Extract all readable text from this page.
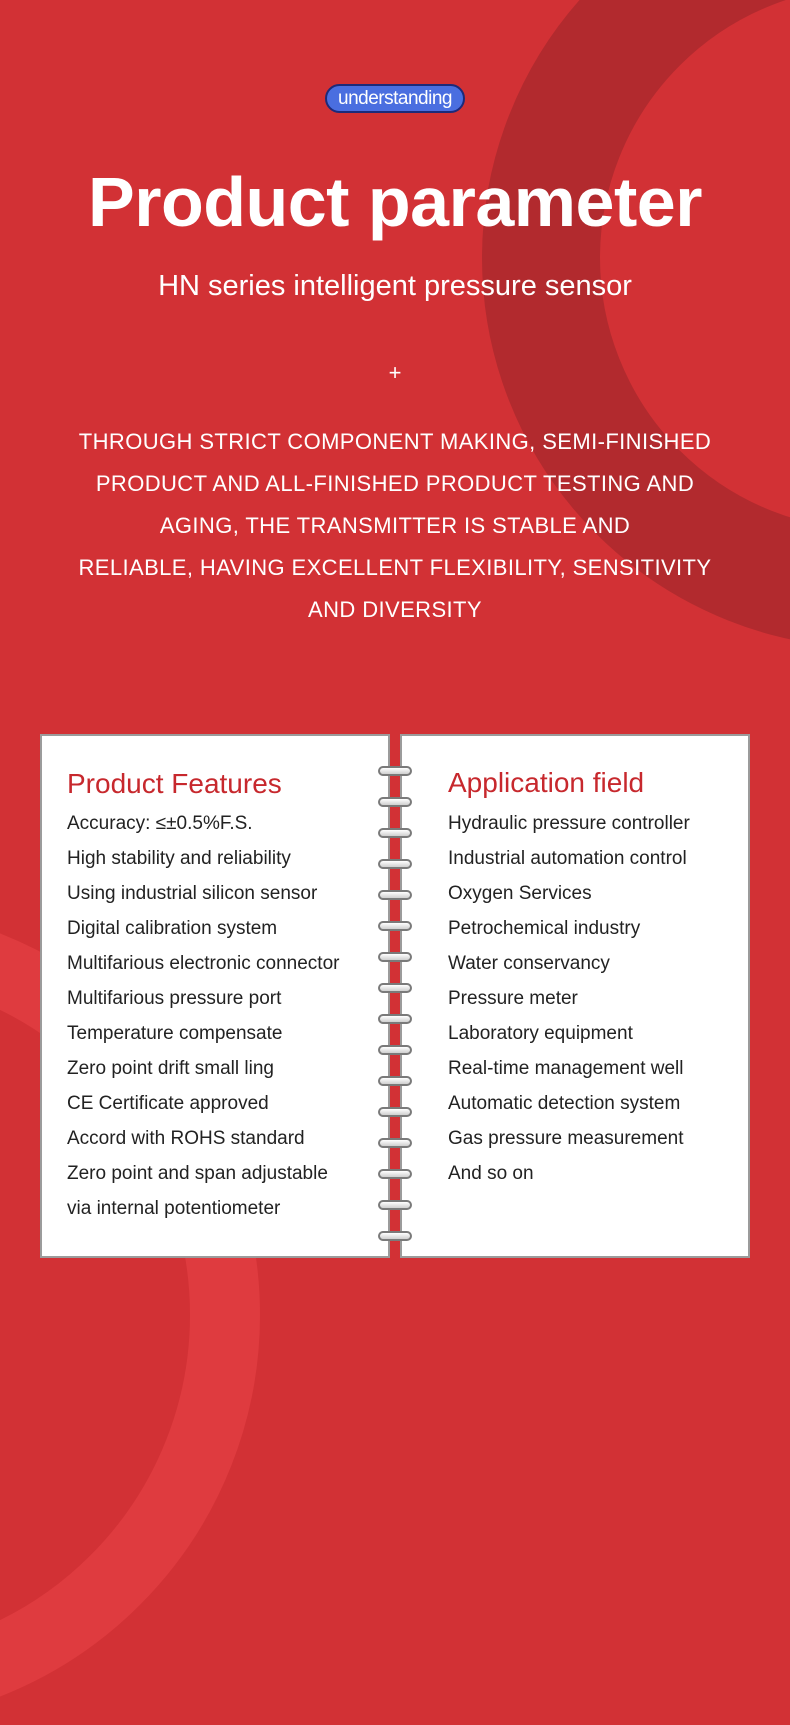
understanding
Product parameter
HN series intelligent pressure sensor
+
THROUGH STRICT COMPONENT MAKING, SEMI-FINISHED
PRODUCT AND ALL-FINISHED PRODUCT TESTING AND
AGING, THE TRANSMITTER IS STABLE AND
RELIABLE, HAVING EXCELLENT FLEXIBILITY, SENSITIVITY
AND DIVERSITY
Product Features
Accuracy: ≤±0.5%F.S.
High stability and reliability
Using industrial silicon sensor
Digital calibration system
Multifarious electronic connector
Multifarious pressure port
Temperature compensate
Zero point drift small ling
CE Certificate approved
Accord with ROHS standard
Zero point and span adjustable
via internal potentiometer
Application field
Hydraulic pressure controller
Industrial automation control
Oxygen Services
Petrochemical industry
Water conservancy
Pressure meter
Laboratory equipment
Real-time management well
Automatic detection system
Gas pressure measurement
And so on
